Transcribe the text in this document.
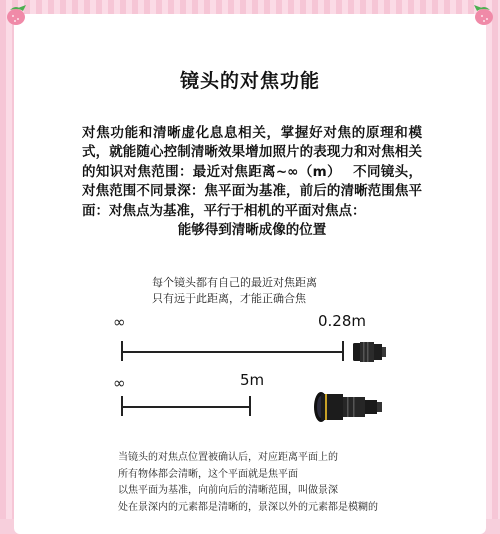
镜头的对焦功能
对焦功能和清晰虚化息息相关，掌握好对焦的原理和模式，就能随心控制清晰效果增加照片的表现力和对焦相关的知识对焦范围：最近对焦距离~∞（m）　 不同镜头，对焦范围不同景深：焦平面为基准，前后的清晰范围焦平面：对焦点为基准，平行于相机的平面对焦点：
能够得到清晰成像的位置
每个镜头都有自己的最近对焦距离
只有远于此距离，才能正确合焦
∞	0.28m
∞	5m
当镜头的对焦点位置被确认后，对应距离平面上的
所有物体都会清晰，这个平面就是焦平面
以焦平面为基准，向前向后的清晰范围，叫做景深
处在景深内的元素都是清晰的，景深以外的元素都是模糊的
